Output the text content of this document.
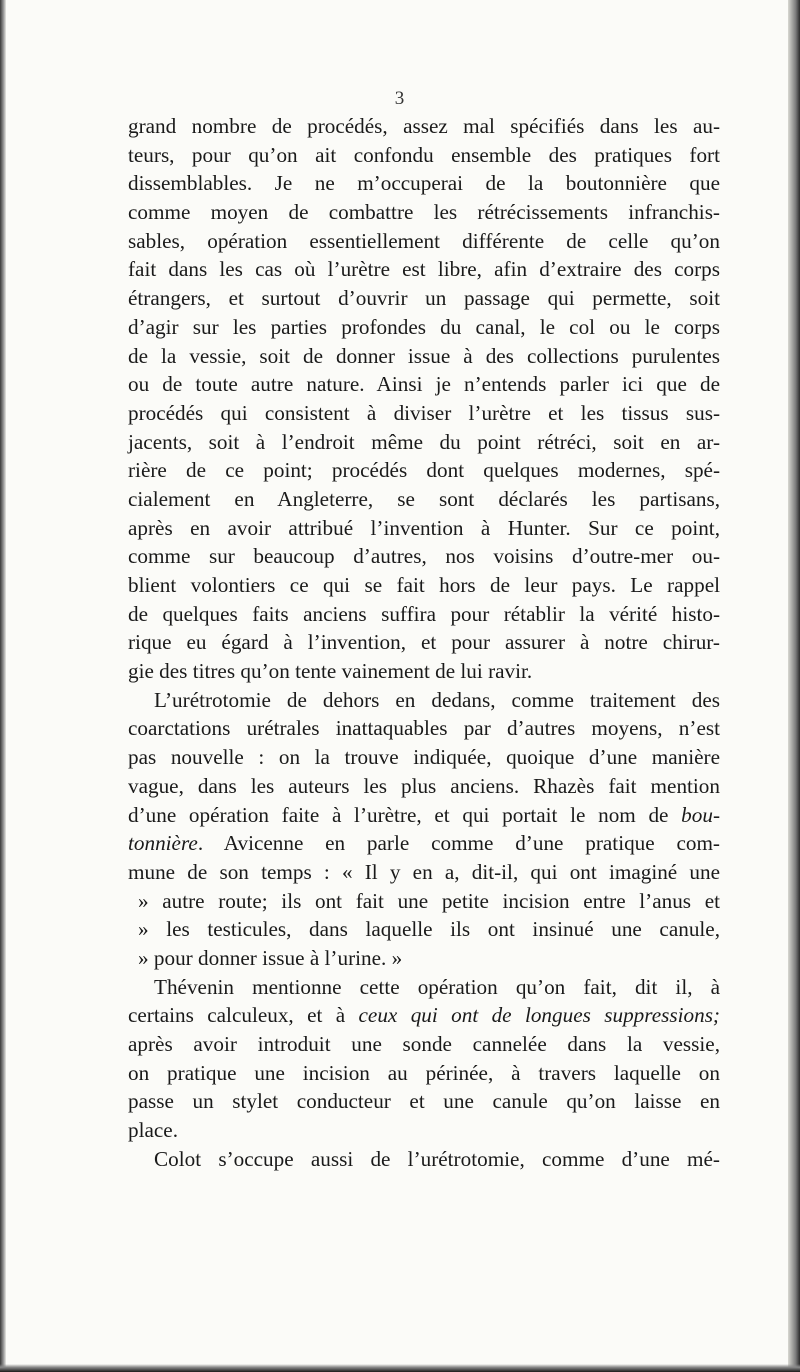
3
grand nombre de procédés, assez mal spécifiés dans les au-
teurs, pour qu’on ait confondu ensemble des pratiques fort
dissemblables. Je ne m’occuperai de la boutonnière que
comme moyen de combattre les rétrécissements infranchis-
sables, opération essentiellement différente de celle qu’on
fait dans les cas où l’urètre est libre, afin d’extraire des corps
étrangers, et surtout d’ouvrir un passage qui permette, soit
d’agir sur les parties profondes du canal, le col ou le corps
de la vessie, soit de donner issue à des collections purulentes
ou de toute autre nature. Ainsi je n’entends parler ici que de
procédés qui consistent à diviser l’urètre et les tissus sus-
jacents, soit à l’endroit même du point rétréci, soit en ar-
rière de ce point; procédés dont quelques modernes, spé-
cialement en Angleterre, se sont déclarés les partisans,
après en avoir attribué l’invention à Hunter. Sur ce point,
comme sur beaucoup d’autres, nos voisins d’outre-mer ou-
blient volontiers ce qui se fait hors de leur pays. Le rappel
de quelques faits anciens suffira pour rétablir la vérité histo-
rique eu égard à l’invention, et pour assurer à notre chirur-
gie des titres qu’on tente vainement de lui ravir.
L’urétrotomie de dehors en dedans, comme traitement des
coarctations urétrales inattaquables par d’autres moyens, n’est
pas nouvelle : on la trouve indiquée, quoique d’une manière
vague, dans les auteurs les plus anciens. Rhazès fait mention
d’une opération faite à l’urètre, et qui portait le nom de bou-
tonnière. Avicenne en parle comme d’une pratique com-
mune de son temps : « Il y en a, dit-il, qui ont imaginé une
» autre route; ils ont fait une petite incision entre l’anus et
» les testicules, dans laquelle ils ont insinué une canule,
» pour donner issue à l’urine. »
Thévenin mentionne cette opération qu’on fait, dit il, à
certains calculeux, et à ceux qui ont de longues suppressions;
après avoir introduit une sonde cannelée dans la vessie,
on pratique une incision au périnée, à travers laquelle on
passe un stylet conducteur et une canule qu’on laisse en
place.
Colot s’occupe aussi de l’urétrotomie, comme d’une mé-
